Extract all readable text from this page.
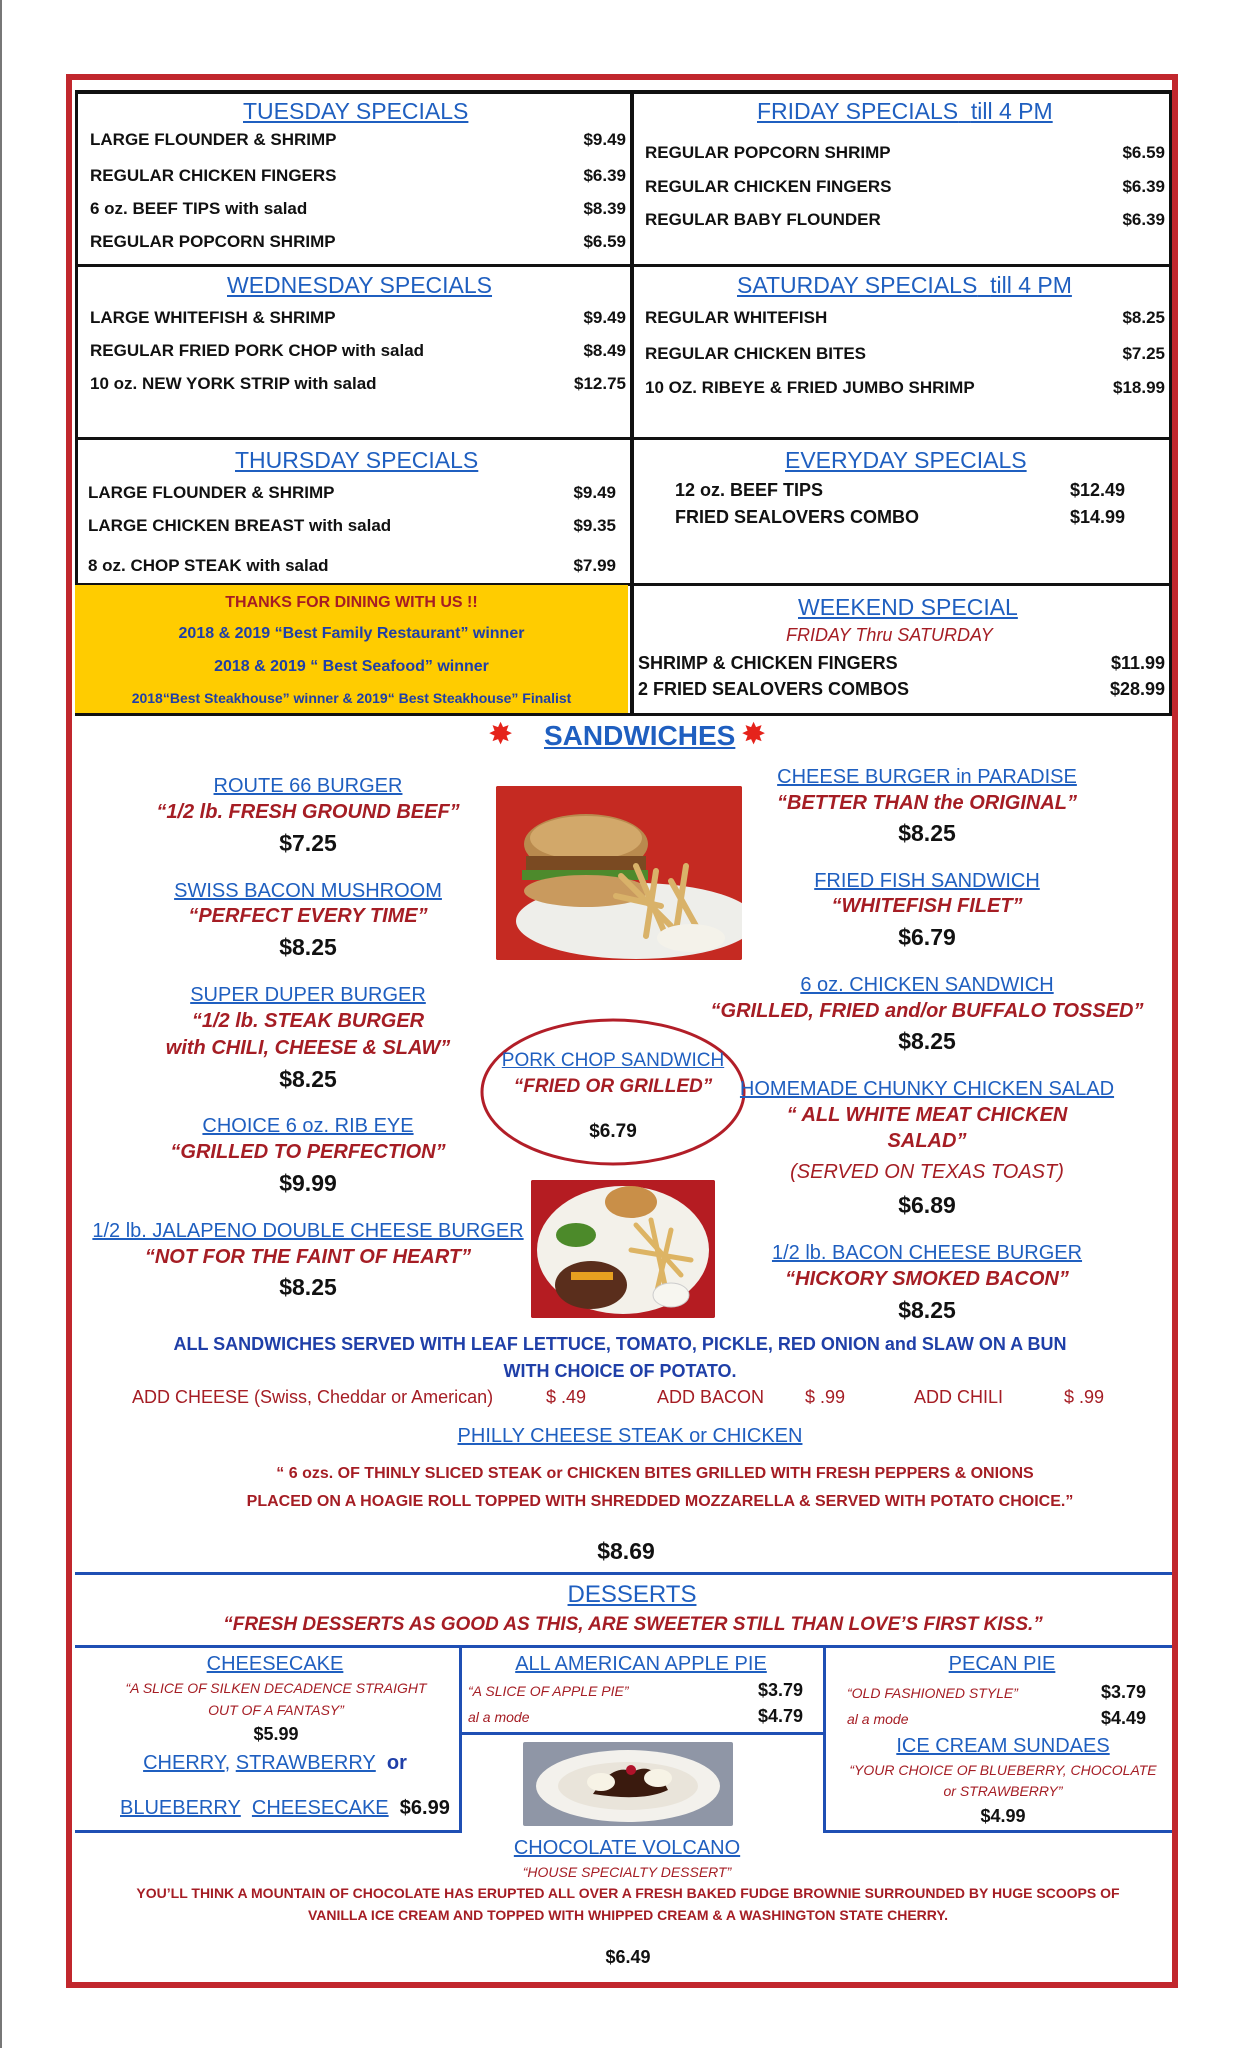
TUESDAY SPECIALS
LARGE FLOUNDER & SHRIMP	$9.49
REGULAR CHICKEN FINGERS	$6.39
6 oz. BEEF TIPS with salad	$8.39
REGULAR POPCORN SHRIMP	$6.59
FRIDAY SPECIALS till 4 PM
REGULAR POPCORN SHRIMP	$6.59
REGULAR CHICKEN FINGERS	$6.39
REGULAR BABY FLOUNDER	$6.39
WEDNESDAY SPECIALS
LARGE WHITEFISH & SHRIMP	$9.49
REGULAR FRIED PORK CHOP with salad	$8.49
10 oz. NEW YORK STRIP with salad	$12.75
SATURDAY SPECIALS till 4 PM
REGULAR WHITEFISH	$8.25
REGULAR CHICKEN BITES	$7.25
10 OZ. RIBEYE & FRIED JUMBO SHRIMP	$18.99
THURSDAY SPECIALS
LARGE FLOUNDER & SHRIMP	$9.49
LARGE CHICKEN BREAST with salad	$9.35
8 oz. CHOP STEAK with salad	$7.99
EVERYDAY SPECIALS
12 oz. BEEF TIPS	$12.49
FRIED SEALOVERS COMBO	$14.99
THANKS FOR DINING WITH US !!
2018 & 2019 “Best Family Restaurant” winner
2018 & 2019 “ Best Seafood” winner
2018“Best Steakhouse” winner & 2019“ Best Steakhouse” Finalist
WEEKEND SPECIAL
FRIDAY Thru SATURDAY
SHRIMP & CHICKEN FINGERS	$11.99
2 FRIED SEALOVERS COMBOS	$28.99
✸ SANDWICHES ✸
ROUTE 66 BURGER
“1/2 lb. FRESH GROUND BEEF”
$7.25
SWISS BACON MUSHROOM
“PERFECT EVERY TIME”
$8.25
SUPER DUPER BURGER
“1/2 lb. STEAK BURGER
with CHILI, CHEESE & SLAW”
$8.25
CHOICE 6 oz. RIB EYE
“GRILLED TO PERFECTION”
$9.99
1/2 lb. JALAPENO DOUBLE CHEESE BURGER
“NOT FOR THE FAINT OF HEART”
$8.25
PORK CHOP SANDWICH
“FRIED OR GRILLED”
$6.79
CHEESE BURGER in PARADISE
“BETTER THAN the ORIGINAL”
$8.25
FRIED FISH SANDWICH
“WHITEFISH FILET”
$6.79
6 oz. CHICKEN SANDWICH
“GRILLED, FRIED and/or BUFFALO TOSSED”
$8.25
HOMEMADE CHUNKY CHICKEN SALAD
“ ALL WHITE MEAT CHICKEN
SALAD”
(SERVED ON TEXAS TOAST)
$6.89
1/2 lb. BACON CHEESE BURGER
“HICKORY SMOKED BACON”
$8.25
ALL SANDWICHES SERVED WITH LEAF LETTUCE, TOMATO, PICKLE, RED ONION and SLAW ON A BUN
WITH CHOICE OF POTATO.
ADD CHEESE (Swiss, Cheddar or American)	$ .49	ADD BACON $ .99	ADD CHILI	$ .99
PHILLY CHEESE STEAK or CHICKEN
“ 6 ozs. OF THINLY SLICED STEAK or CHICKEN BITES GRILLED WITH FRESH PEPPERS & ONIONS
PLACED ON A HOAGIE ROLL TOPPED WITH SHREDDED MOZZARELLA & SERVED WITH POTATO CHOICE.”
$8.69
DESSERTS
“FRESH DESSERTS AS GOOD AS THIS, ARE SWEETER STILL THAN LOVE’S FIRST KISS.”
CHEESECAKE
“A SLICE OF SILKEN DECADENCE STRAIGHT
OUT OF A FANTASY”
$5.99
CHERRY, STRAWBERRY or
BLUEBERRY CHEESECAKE $6.99
ALL AMERICAN APPLE PIE
“A SLICE OF APPLE PIE”	$3.79
al a mode	$4.79
PECAN PIE
“OLD FASHIONED STYLE”	$3.79
al a mode	$4.49
ICE CREAM SUNDAES
“YOUR CHOICE OF BLUEBERRY, CHOCOLATE
or STRAWBERRY”
$4.99
CHOCOLATE VOLCANO
“HOUSE SPECIALTY DESSERT”
YOU’LL THINK A MOUNTAIN OF CHOCOLATE HAS ERUPTED ALL OVER A FRESH BAKED FUDGE BROWNIE SURROUNDED BY HUGE SCOOPS OF
VANILLA ICE CREAM AND TOPPED WITH WHIPPED CREAM & A WASHINGTON STATE CHERRY.
$6.49
